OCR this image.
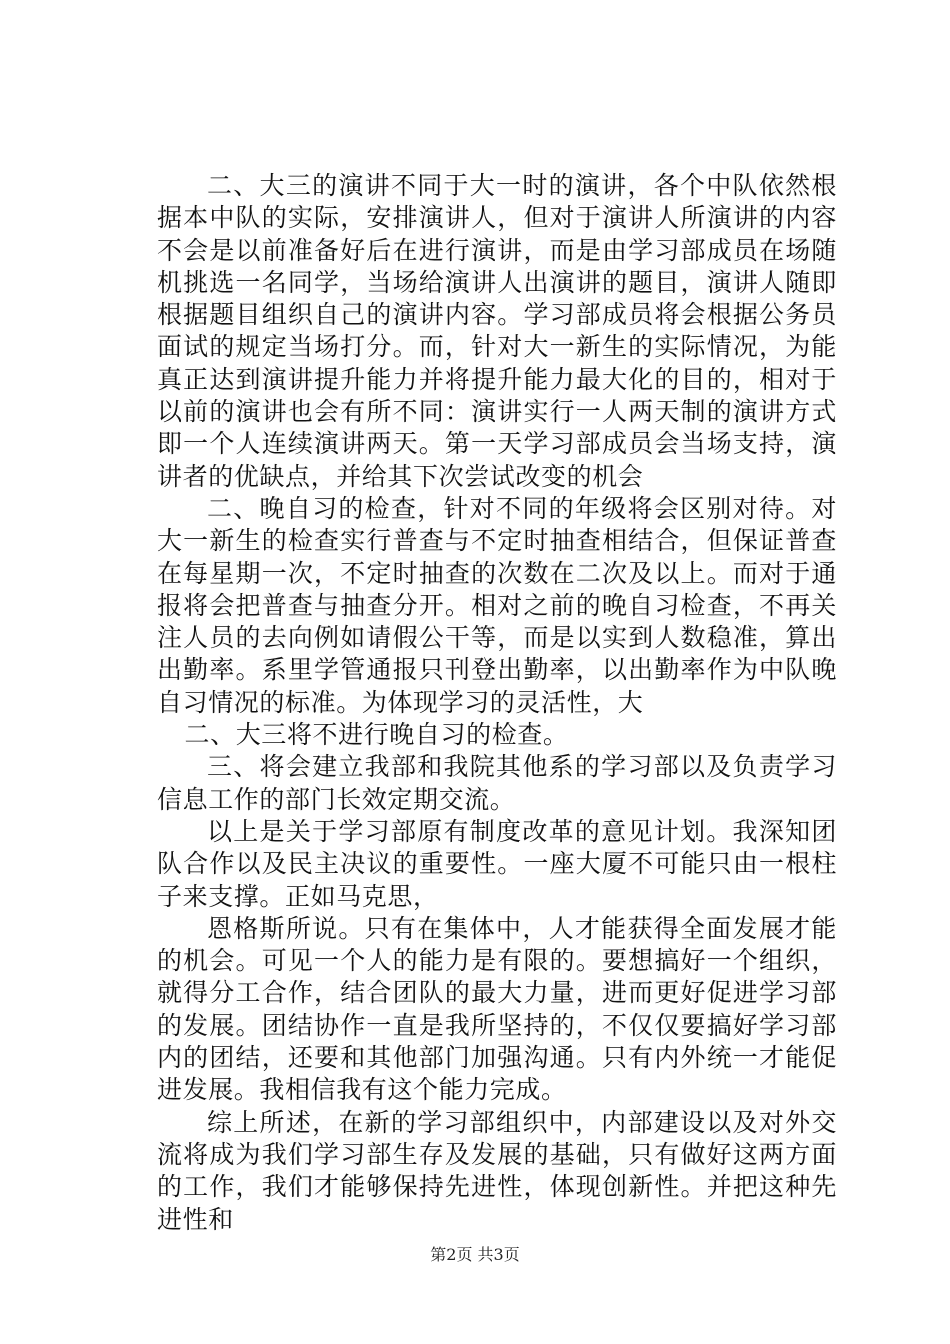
二、大三的演讲不同于大一时的演讲，各个中队依然根据本中队的实际，安排演讲人，但对于演讲人所演讲的内容不会是以前准备好后在进行演讲，而是由学习部成员在场随机挑选一名同学，当场给演讲人出演讲的题目，演讲人随即根据题目组织自己的演讲内容。学习部成员将会根据公务员面试的规定当场打分。而，针对大一新生的实际情况，为能真正达到演讲提升能力并将提升能力最大化的目的，相对于以前的演讲也会有所不同：演讲实行一人两天制的演讲方式即一个人连续演讲两天。第一天学习部成员会当场支持，演讲者的优缺点，并给其下次尝试改变的机会

二、晚自习的检查，针对不同的年级将会区别对待。对大一新生的检查实行普查与不定时抽查相结合，但保证普查在每星期一次，不定时抽查的次数在二次及以上。而对于通报将会把普查与抽查分开。相对之前的晚自习检查，不再关注人员的去向例如请假公干等，而是以实到人数稳准，算出出勤率。系里学管通报只刊登出勤率，以出勤率作为中队晚自习情况的标准。为体现学习的灵活性，大

二、大三将不进行晚自习的检查。

三、将会建立我部和我院其他系的学习部以及负责学习信息工作的部门长效定期交流。

以上是关于学习部原有制度改革的意见计划。我深知团队合作以及民主决议的重要性。一座大厦不可能只由一根柱子来支撑。正如马克思，

恩格斯所说。只有在集体中，人才能获得全面发展才能的机会。可见一个人的能力是有限的。要想搞好一个组织，就得分工合作，结合团队的最大力量，进而更好促进学习部的发展。团结协作一直是我所坚持的，不仅仅要搞好学习部内的团结，还要和其他部门加强沟通。只有内外统一才能促进发展。我相信我有这个能力完成。

综上所述，在新的学习部组织中，内部建设以及对外交流将成为我们学习部生存及发展的基础，只有做好这两方面的工作，我们才能够保持先进性，体现创新性。并把这种先进性和

第2页 共3页
